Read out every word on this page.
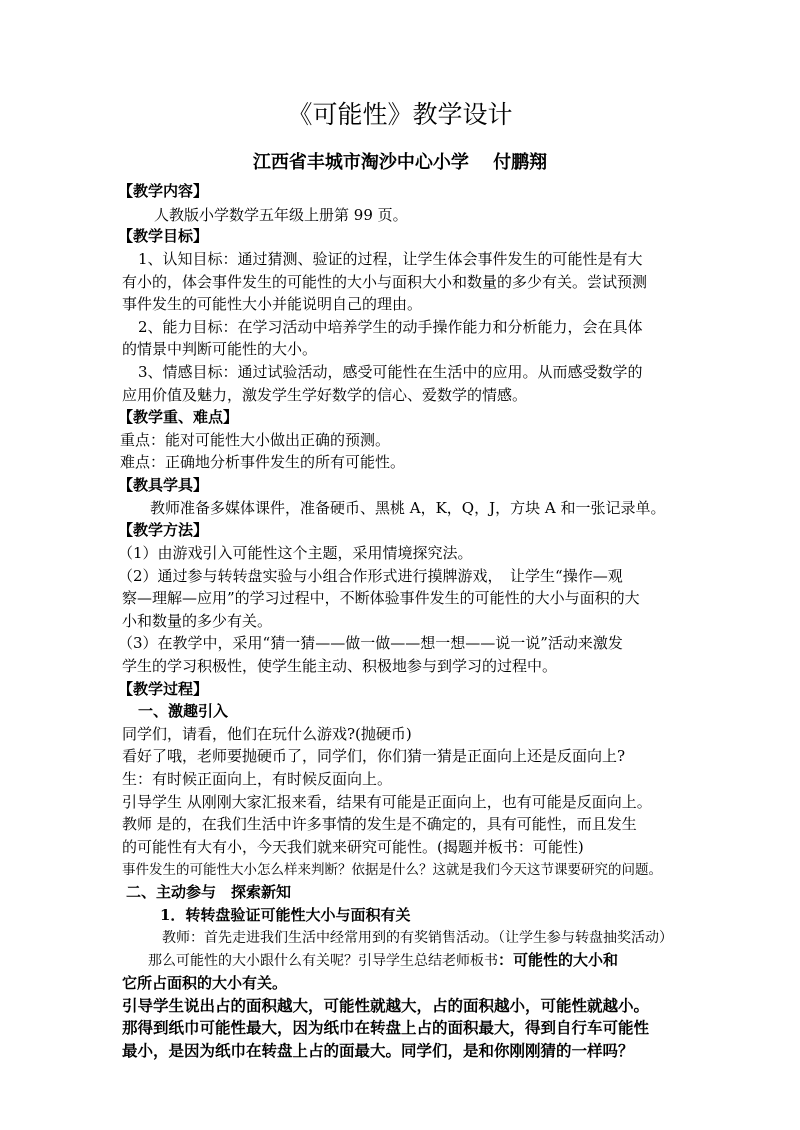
《可能性》教学设计
江西省丰城市淘沙中心小学　 付鹏翔
【教学内容】
人教版小学数学五年级上册第 99 页。
【教学目标】
1、认知目标：通过猜测、验证的过程，让学生体会事件发生的可能性是有大
有小的，体会事件发生的可能性的大小与面积大小和数量的多少有关。尝试预测
事件发生的可能性大小并能说明自己的理由。
2、能力目标：在学习活动中培养学生的动手操作能力和分析能力，会在具体
的情景中判断可能性的大小。
3、情感目标：通过试验活动，感受可能性在生活中的应用。从而感受数学的
应用价值及魅力，激发学生学好数学的信心、爱数学的情感。
【教学重、难点】
重点：能对可能性大小做出正确的预测。
难点：正确地分析事件发生的所有可能性。
【教具学具】
教师准备多媒体课件，准备硬币、黑桃 A，K，Q，J，方块 A 和一张记录单。
【教学方法】
（1）由游戏引入可能性这个主题，采用情境探究法。
（2）通过参与转转盘实验与小组合作形式进行摸牌游戏，　让学生“操作—观
察—理解—应用”的学习过程中，不断体验事件发生的可能性的大小与面积的大
小和数量的多少有关。
（3）在教学中，采用“猜一猜——做一做——想一想——说一说”活动来激发
学生的学习积极性，使学生能主动、积极地参与到学习的过程中。
【教学过程】
一、激趣引入
同学们，请看，他们在玩什么游戏?(抛硬币)
看好了哦，老师要抛硬币了，同学们，你们猜一猜是正面向上还是反面向上?
生：有时候正面向上，有时候反面向上。
引导学生 从刚刚大家汇报来看，结果有可能是正面向上，也有可能是反面向上。
教师 是的，在我们生活中许多事情的发生是不确定的，具有可能性，而且发生
的可能性有大有小，今天我们就来研究可能性。(揭题并板书：可能性)
事件发生的可能性大小怎么样来判断？依据是什么？这就是我们今天这节课要研究的问题。
二、主动参与　探索新知
1．转转盘验证可能性大小与面积有关
教师：首先走进我们生活中经常用到的有奖销售活动。（让学生参与转盘抽奖活动）
那么可能性的大小跟什么有关呢？引导学生总结老师板书：可能性的大小和
它所占面积的大小有关。
引导学生说出占的面积越大，可能性就越大，占的面积越小，可能性就越小。
那得到纸巾可能性最大，因为纸巾在转盘上占的面积最大，得到自行车可能性
最小，是因为纸巾在转盘上占的面最大。同学们，是和你刚刚猜的一样吗？
